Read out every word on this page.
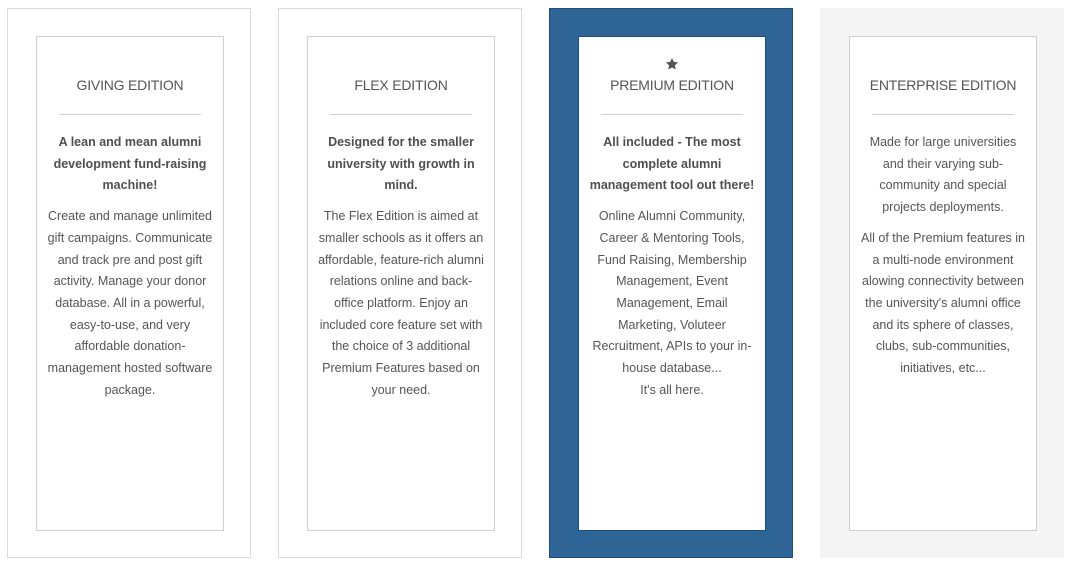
GIVING EDITION

A lean and mean alumni development fund-raising machine!

Create and manage unlimited gift campaigns. Communicate and track pre and post gift activity. Manage your donor database. All in a powerful, easy-to-use, and very affordable donation-management hosted software package.

FLEX EDITION

Designed for the smaller university with growth in mind.

The Flex Edition is aimed at smaller schools as it offers an affordable, feature-rich alumni relations online and back-office platform. Enjoy an included core feature set with the choice of 3 additional Premium Features based on your need.

PREMIUM EDITION

All included - The most complete alumni management tool out there!

Online Alumni Community, Career & Mentoring Tools, Fund Raising, Membership Management, Event Management, Email Marketing, Voluteer Recruitment, APIs to your in-house database...
It's all here.

ENTERPRISE EDITION

Made for large universities and their varying sub-community and special projects deployments.

All of the Premium features in a multi-node environment alowing connectivity between the university's alumni office and its sphere of classes, clubs, sub-communities, initiatives, etc...
